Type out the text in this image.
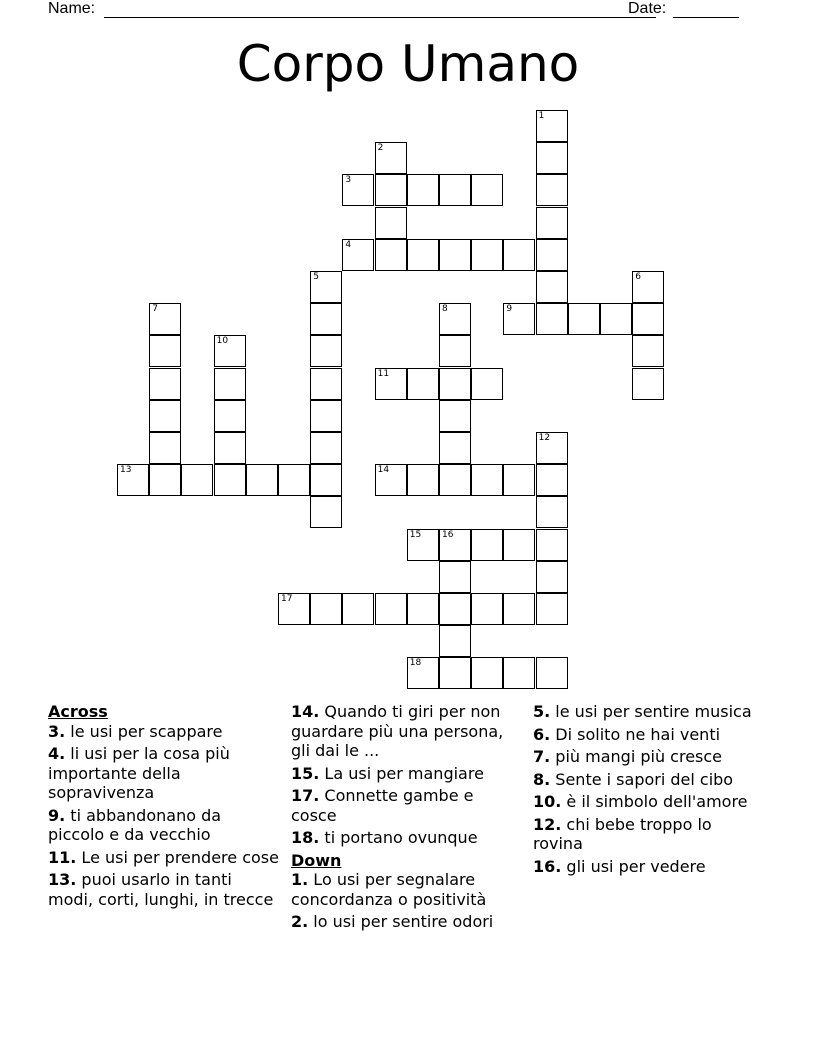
Name:	Date:
Corpo Umano
1
2
3
4
5	6
7	8	9
10
11
12
13	14
15 16
17
18
Across
3. le usi per scappare
4. li usi per la cosa più importante della sopravivenza
9. ti abbandonano da piccolo e da vecchio
11. Le usi per prendere cose
13. puoi usarlo in tanti modi, corti, lunghi, in trecce
14. Quando ti giri per non guardare più una persona, gli dai le ...
15. La usi per mangiare
17. Connette gambe e cosce
18. ti portano ovunque
Down
1. Lo usi per segnalare concordanza o positività
2. lo usi per sentire odori
5. le usi per sentire musica
6. Di solito ne hai venti
7. più mangi più cresce
8. Sente i sapori del cibo
10. è il simbolo dell'amore
12. chi bebe troppo lo rovina
16. gli usi per vedere
